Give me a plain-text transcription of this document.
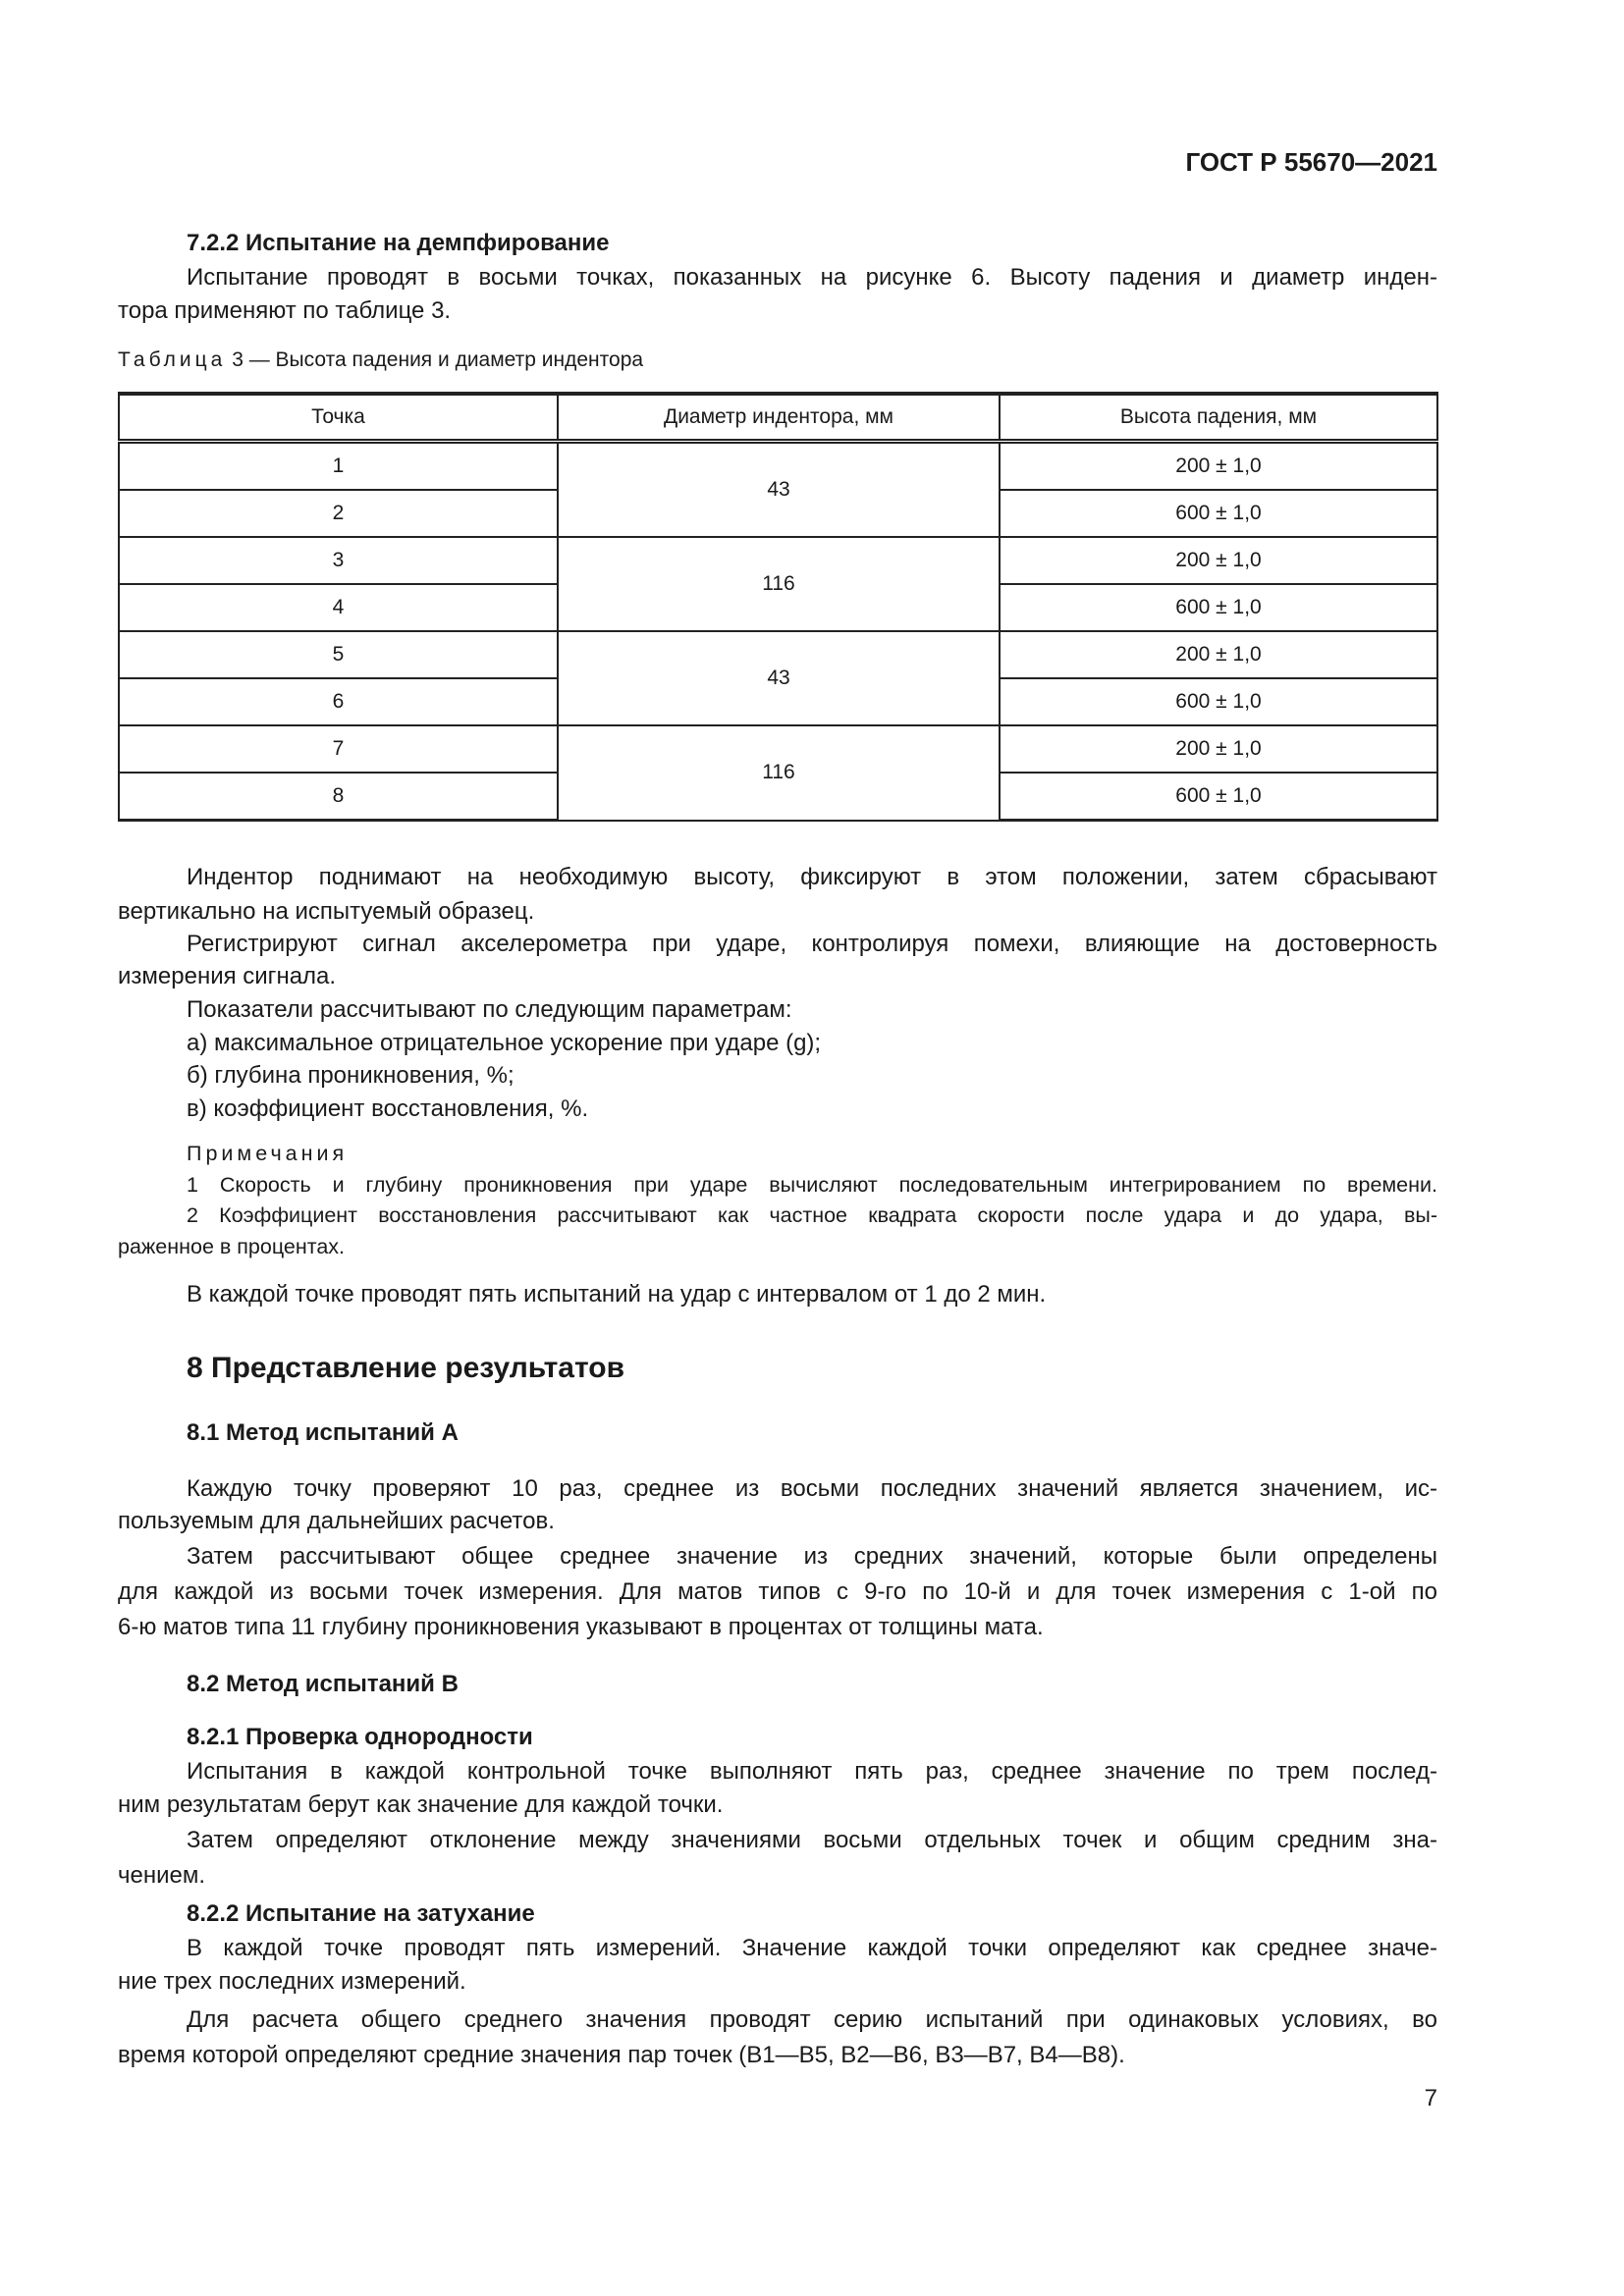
ГОСТ Р 55670—2021
7.2.2 Испытание на демпфирование
Испытание проводят в восьми точках, показанных на рисунке 6. Высоту падения и диаметр инден-
тора применяют по таблице 3.
Таблица 3 — Высота падения и диаметр индентора
Точка	Диаметр индентора, мм	Высота падения, мм
1	43	200 ± 1,0
2		600 ± 1,0
3	116	200 ± 1,0
4		600 ± 1,0
5	43	200 ± 1,0
6		600 ± 1,0
7	116	200 ± 1,0
8		600 ± 1,0
Индентор поднимают на необходимую высоту, фиксируют в этом положении, затем сбрасывают
вертикально на испытуемый образец.
Регистрируют сигнал акселерометра при ударе, контролируя помехи, влияющие на достоверность
измерения сигнала.
Показатели рассчитывают по следующим параметрам:
а) максимальное отрицательное ускорение при ударе (g);
б) глубина проникновения, %;
в) коэффициент восстановления, %.
Примечания
1 Скорость и глубину проникновения при ударе вычисляют последовательным интегрированием по времени.
2 Коэффициент восстановления рассчитывают как частное квадрата скорости после удара и до удара, вы-
раженное в процентах.
В каждой точке проводят пять испытаний на удар с интервалом от 1 до 2 мин.
8 Представление результатов
8.1 Метод испытаний А
Каждую точку проверяют 10 раз, среднее из восьми последних значений является значением, ис-
пользуемым для дальнейших расчетов.
Затем рассчитывают общее среднее значение из средних значений, которые были определены
для каждой из восьми точек измерения. Для матов типов с 9-го по 10-й и для точек измерения с 1-ой по
6-ю матов типа 11 глубину проникновения указывают в процентах от толщины мата.
8.2 Метод испытаний В
8.2.1 Проверка однородности
Испытания в каждой контрольной точке выполняют пять раз, среднее значение по трем послед-
ним результатам берут как значение для каждой точки.
Затем определяют отклонение между значениями восьми отдельных точек и общим средним зна-
чением.
8.2.2 Испытание на затухание
В каждой точке проводят пять измерений. Значение каждой точки определяют как среднее значе-
ние трех последних измерений.
Для расчета общего среднего значения проводят серию испытаний при одинаковых условиях, во
время которой определяют средние значения пар точек (В1—В5, В2—В6, В3—В7, В4—В8).
7
